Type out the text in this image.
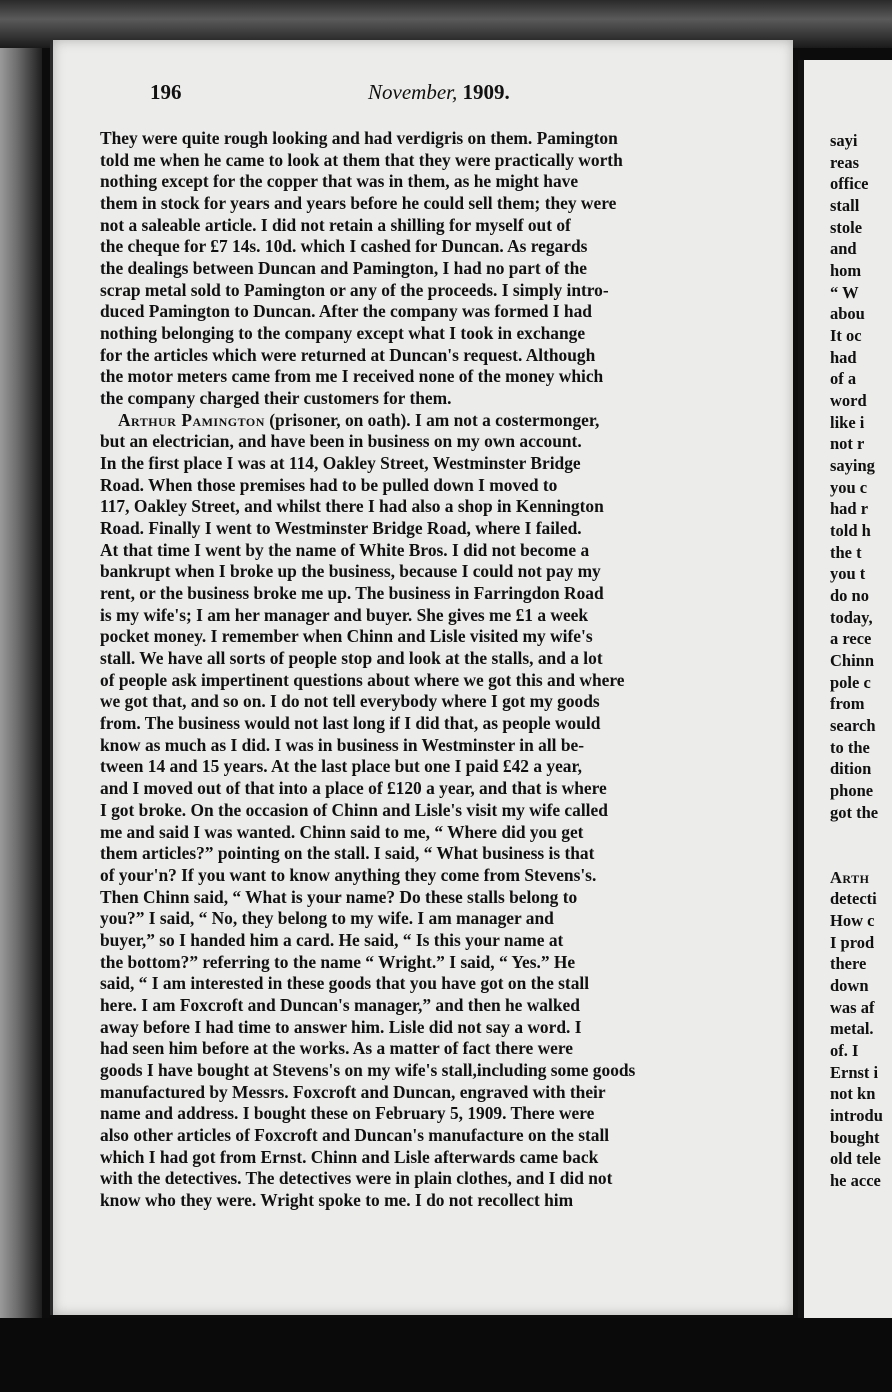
196	November, 1909.
They were quite rough looking and had verdigris on them. Pamington
told me when he came to look at them that they were practically worth
nothing except for the copper that was in them, as he might have
them in stock for years and years before he could sell them; they were
not a saleable article. I did not retain a shilling for myself out of
the cheque for £7 14s. 10d. which I cashed for Duncan. As regards
the dealings between Duncan and Pamington, I had no part of the
scrap metal sold to Pamington or any of the proceeds. I simply intro-
duced Pamington to Duncan. After the company was formed I had
nothing belonging to the company except what I took in exchange
for the articles which were returned at Duncan's request. Although
the motor meters came from me I received none of the money which
the company charged their customers for them.
Arthur Pamington (prisoner, on oath). I am not a costermonger,
but an electrician, and have been in business on my own account.
In the first place I was at 114, Oakley Street, Westminster Bridge
Road. When those premises had to be pulled down I moved to
117, Oakley Street, and whilst there I had also a shop in Kennington
Road. Finally I went to Westminster Bridge Road, where I failed.
At that time I went by the name of White Bros. I did not become a
bankrupt when I broke up the business, because I could not pay my
rent, or the business broke me up. The business in Farringdon Road
is my wife's; I am her manager and buyer. She gives me £1 a week
pocket money. I remember when Chinn and Lisle visited my wife's
stall. We have all sorts of people stop and look at the stalls, and a lot
of people ask impertinent questions about where we got this and where
we got that, and so on. I do not tell everybody where I got my goods
from. The business would not last long if I did that, as people would
know as much as I did. I was in business in Westminster in all be-
tween 14 and 15 years. At the last place but one I paid £42 a year,
and I moved out of that into a place of £120 a year, and that is where
I got broke. On the occasion of Chinn and Lisle's visit my wife called
me and said I was wanted. Chinn said to me, “ Where did you get
them articles?” pointing on the stall. I said, “ What business is that
of your'n? If you want to know anything they come from Stevens's.
Then Chinn said, “ What is your name? Do these stalls belong to
you?” I said, “ No, they belong to my wife. I am manager and
buyer,” so I handed him a card. He said, “ Is this your name at
the bottom?” referring to the name “ Wright.” I said, “ Yes.” He
said, “ I am interested in these goods that you have got on the stall
here. I am Foxcroft and Duncan's manager,” and then he walked
away before I had time to answer him. Lisle did not say a word. I
had seen him before at the works. As a matter of fact there were
goods I have bought at Stevens's on my wife's stall,including some goods
manufactured by Messrs. Foxcroft and Duncan, engraved with their
name and address. I bought these on February 5, 1909. There were
also other articles of Foxcroft and Duncan's manufacture on the stall
which I had got from Ernst. Chinn and Lisle afterwards came back
with the detectives. The detectives were in plain clothes, and I did not
know who they were. Wright spoke to me. I do not recollect him
sayi
reas
office
stall
stole
and
hom
“ W
abou
It oc
had
of a
word
like i
not r
saying
you c
had r
told h
the t
you t
do no
today,
a rece
Chinn
pole c
from
search
to the
dition
phone
got the
Arth
detecti
How c
I prod
there
down
was af
metal.
of. I
Ernst i
not kn
introdu
bought
old tele
he acce
